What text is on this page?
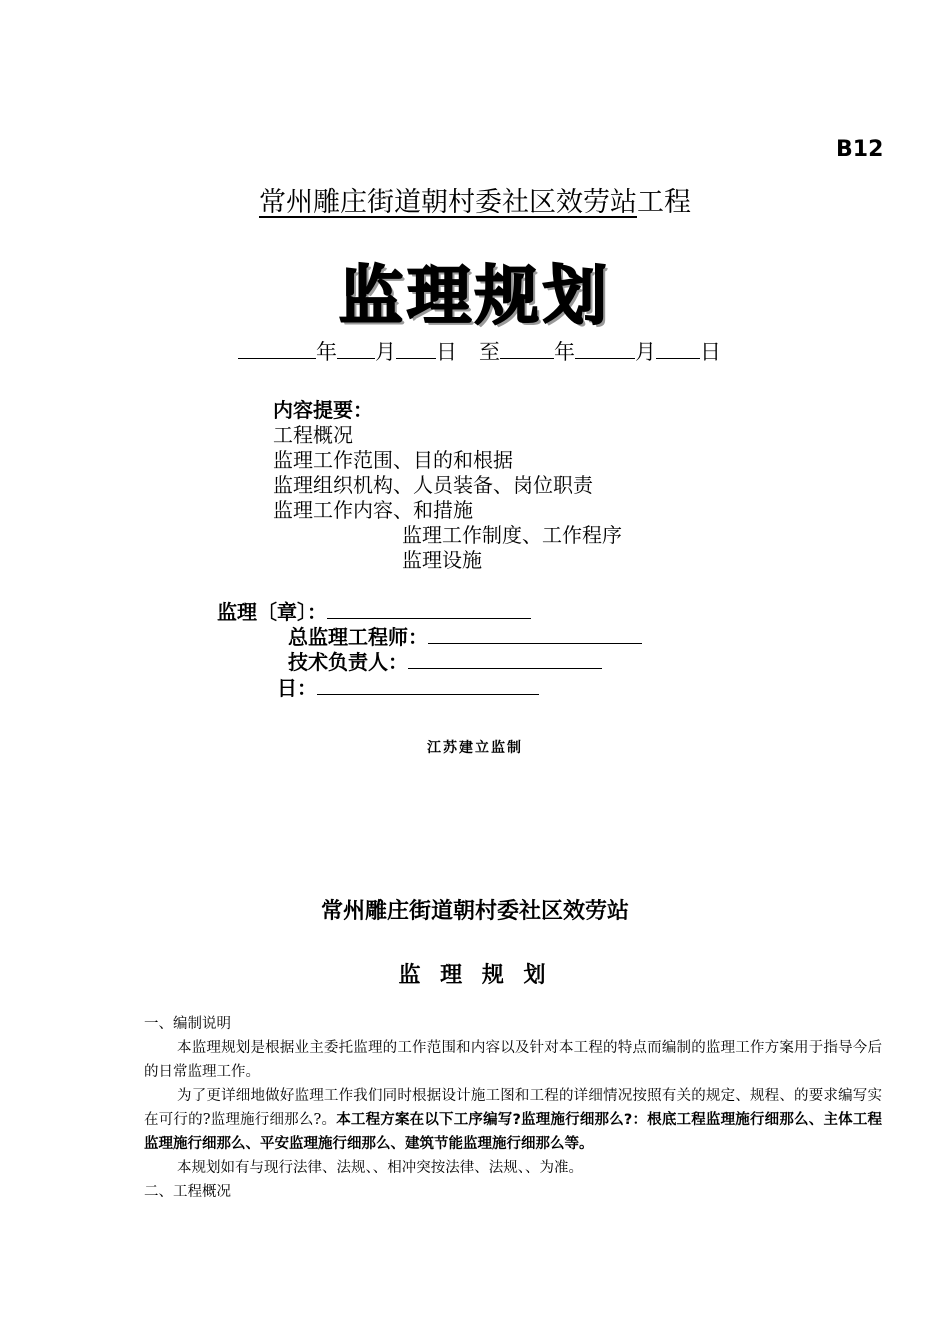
B12
常州雕庄街道朝村委社区效劳站工程
监理规划
年 月 日 至	年	月 日
内容提要：
工程概况
监理工作范围、目的和根据
监理组织机构、人员装备、岗位职责
监理工作内容、和措施
监理工作制度、工作程序
监理设施
监理〔章〕：
总监理工程师：
技术负责人：
日：
江苏建立监制
常州雕庄街道朝村委社区效劳站
监 理 规 划

一、编制说明

本监理规划是根据业主委托监理的工作范围和内容以及针对本工程的特点而编制的监理工作方案用于指导今后的日常监理工作。

为了更详细地做好监理工作我们同时根据设计施工图和工程的详细情况按照有关的规定、规程、的要求编写实在可行的?监理施行细那么?。本工程方案在以下工序编写?监理施行细那么?：根底工程监理施行细那么、主体工程监理施行细那么、平安监理施行细那么、建筑节能监理施行细那么等。

本规划如有与现行法律、法规、、相冲突按法律、法规、、为准。

二、工程概况
